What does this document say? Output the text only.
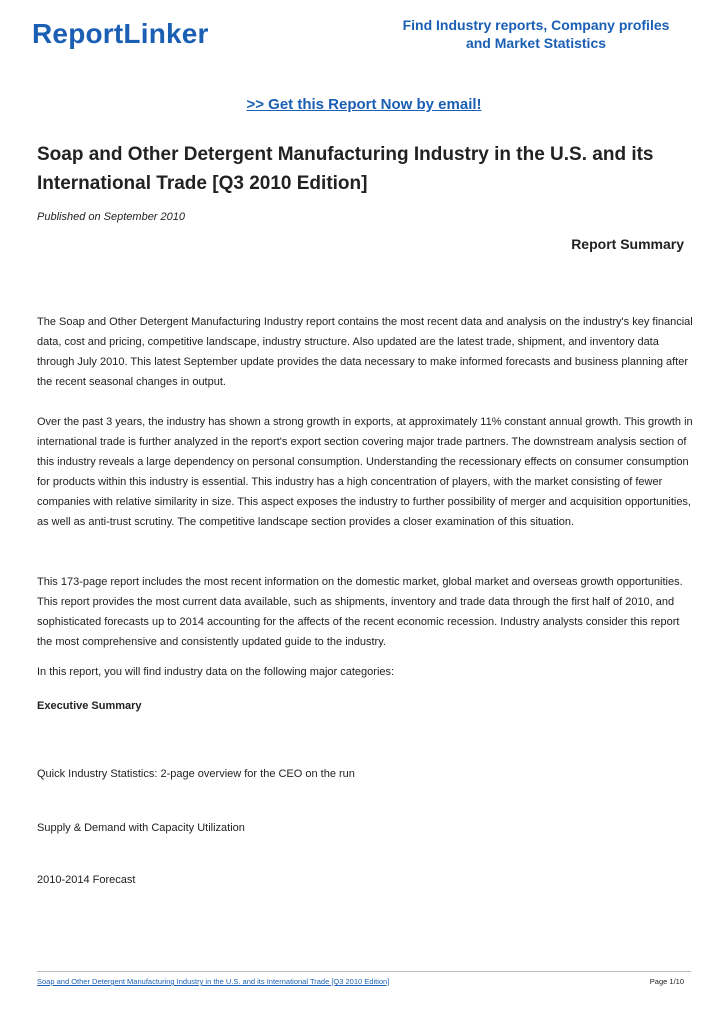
ReportLinker	Find Industry reports, Company profiles
and Market Statistics
>> Get this Report Now by email!
Soap and Other Detergent Manufacturing Industry in the U.S. and its International Trade [Q3 2010 Edition]
Published on September 2010
Report Summary

The Soap and Other Detergent Manufacturing Industry report contains the most recent data and analysis on the industry's key financial data, cost and pricing, competitive landscape, industry structure. Also updated are the latest trade, shipment, and inventory data through July 2010. This latest September update provides the data necessary to make informed forecasts and business planning after the recent seasonal changes in output.

Over the past 3 years, the industry has shown a strong growth in exports, at approximately 11% constant annual growth. This growth in international trade is further analyzed in the report's export section covering major trade partners. The downstream analysis section of this industry reveals a large dependency on personal consumption. Understanding the recessionary effects on consumer consumption for products within this industry is essential. This industry has a high concentration of players, with the market consisting of fewer companies with relative similarity in size. This aspect exposes the industry to further possibility of merger and acquisition opportunities, as well as anti-trust scrutiny. The competitive landscape section provides a closer examination of this situation.

This 173-page report includes the most recent information on the domestic market, global market and overseas growth opportunities. This report provides the most current data available, such as shipments, inventory and trade data through the first half of 2010, and sophisticated forecasts up to 2014 accounting for the affects of the recent economic recession. Industry analysts consider this report the most comprehensive and consistently updated guide to the industry.

In this report, you will find industry data on the following major categories:

Executive Summary

Quick Industry Statistics: 2-page overview for the CEO on the run

Supply & Demand with Capacity Utilization

2010-2014 Forecast

Soap and Other Detergent Manufacturing Industry in the U.S. and its International Trade [Q3 2010 Edition]	Page 1/10
